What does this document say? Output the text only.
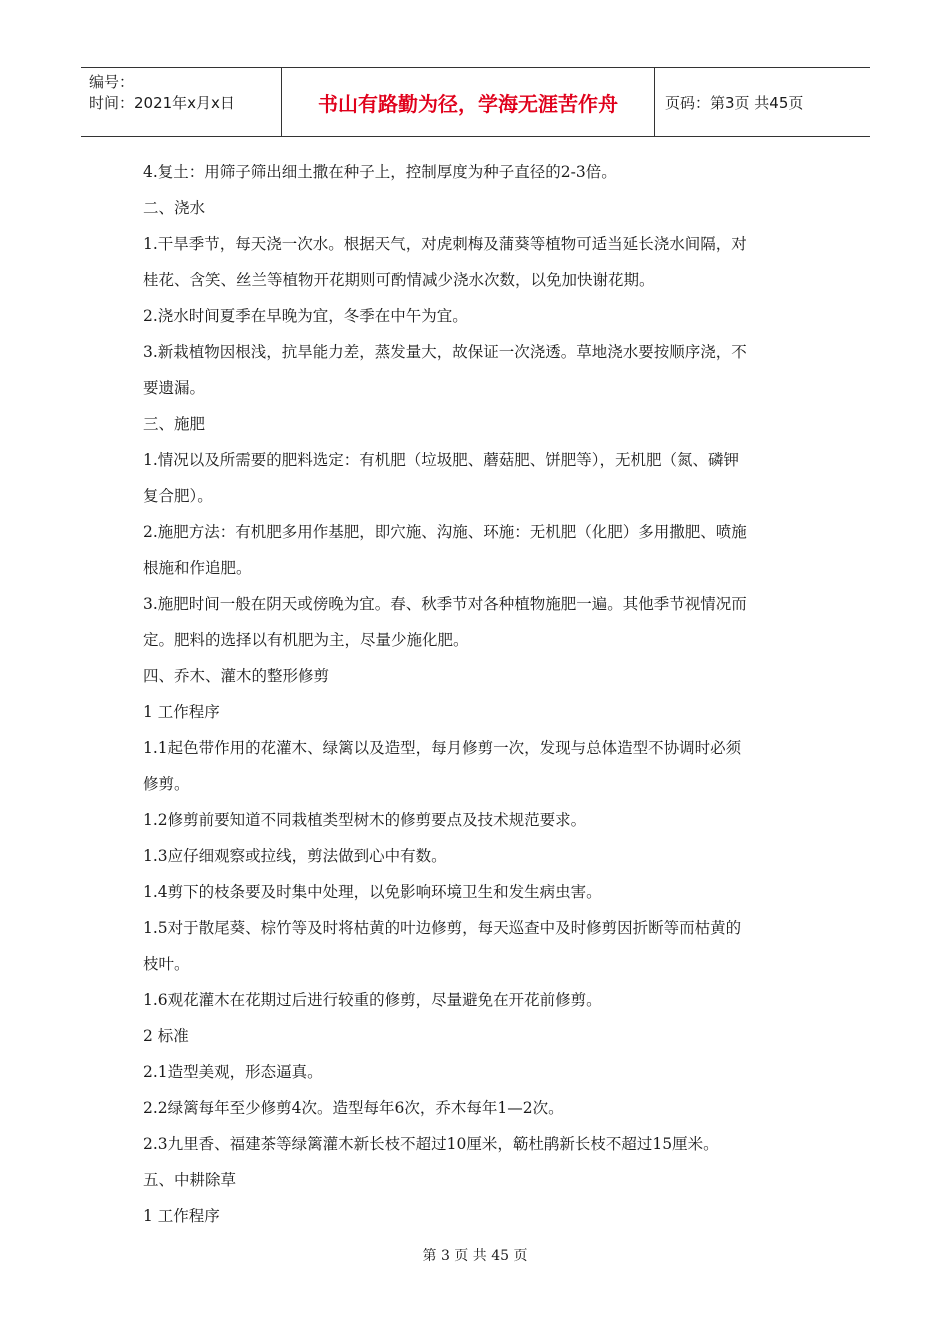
编号：
时间：2021年x月x日	书山有路勤为径，学海无涯苦作舟	页码：第3页 共45页
4.复土：用筛子筛出细土撒在种子上，控制厚度为种子直径的2-3倍。
二、浇水
1.干旱季节，每天浇一次水。根据天气，对虎刺梅及蒲葵等植物可适当延长浇水间隔，对
桂花、含笑、丝兰等植物开花期则可酌情减少浇水次数，以免加快谢花期。
2.浇水时间夏季在早晚为宜，冬季在中午为宜。
3.新栽植物因根浅，抗旱能力差，蒸发量大，故保证一次浇透。草地浇水要按顺序浇，不
要遗漏。
三、施肥
1.情况以及所需要的肥料选定：有机肥（垃圾肥、蘑菇肥、饼肥等），无机肥（氮、磷钾
复合肥）。
2.施肥方法：有机肥多用作基肥，即穴施、沟施、环施：无机肥（化肥）多用撒肥、喷施
根施和作追肥。
3.施肥时间一般在阴天或傍晚为宜。春、秋季节对各种植物施肥一遍。其他季节视情况而
定。肥料的选择以有机肥为主，尽量少施化肥。
四、乔木、灌木的整形修剪
1 工作程序
1.1起色带作用的花灌木、绿篱以及造型，每月修剪一次，发现与总体造型不协调时必须
修剪。
1.2修剪前要知道不同栽植类型树木的修剪要点及技术规范要求。
1.3应仔细观察或拉线，剪法做到心中有数。
1.4剪下的枝条要及时集中处理，以免影响环境卫生和发生病虫害。
1.5对于散尾葵、棕竹等及时将枯黄的叶边修剪，每天巡查中及时修剪因折断等而枯黄的
枝叶。
1.6观花灌木在花期过后进行较重的修剪，尽量避免在开花前修剪。
2 标准
2.1造型美观，形态逼真。
2.2绿篱每年至少修剪4次。造型每年6次，乔木每年1—2次。
2.3九里香、福建茶等绿篱灌木新长枝不超过10厘米，簕杜鹃新长枝不超过15厘米。
五、中耕除草
1 工作程序
第 3 页 共 45 页
